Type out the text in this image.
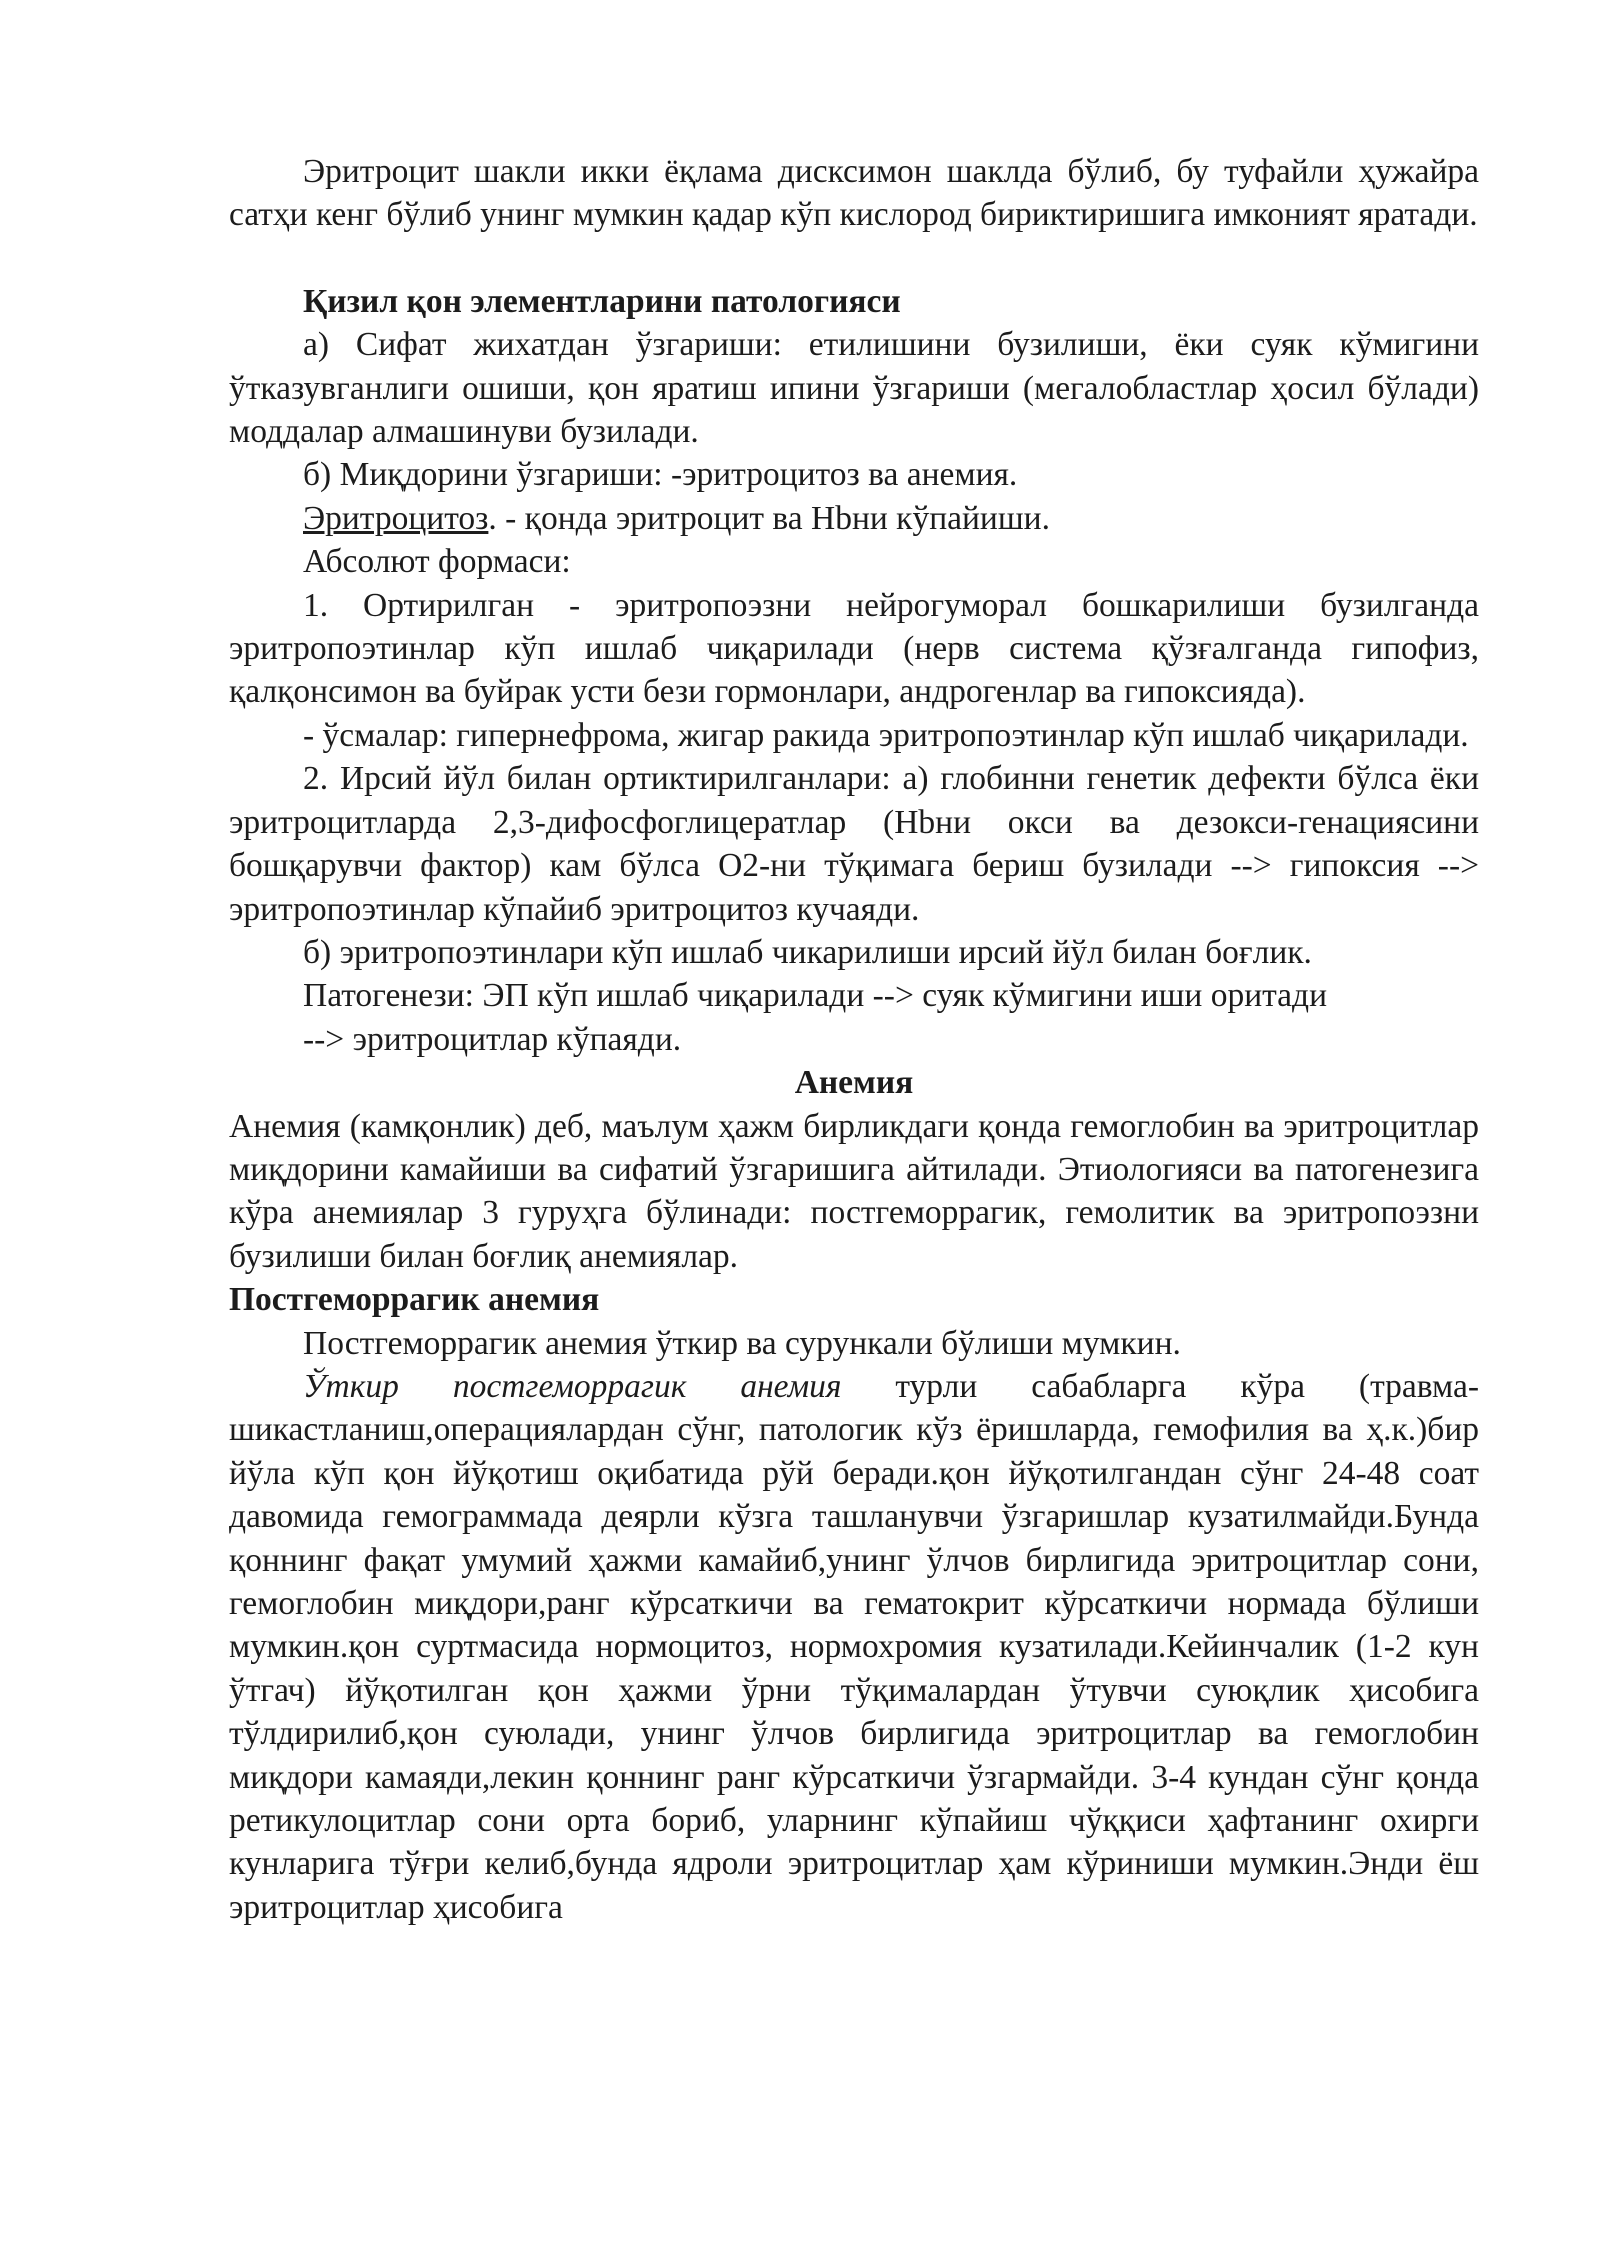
Эритроцит шакли икки ёқлама дисксимон шаклда бўлиб, бу туфайли ҳужайра сатҳи кенг бўлиб унинг мумкин қадар кўп кислород бириктиришига имконият яратади.

Қизил қон элементларини патологияси

а) Сифат жихатдан ўзгариши: етилишини бузилиши, ёки суяк кўмигини ўтказувганлиги ошиши, қон яратиш ипини ўзгариши (мегалобластлар ҳосил бўлади) моддалар алмашинуви бузилади.

б) Миқдорини ўзгариши: -эритроцитоз ва анемия.

Эритроцитоз. - қонда эритроцит ва Hbни кўпайиши.

Абсолют формаси:

1. Ортирилган - эритропоэзни нейрогуморал бошкарилиши бузилганда эритропоэтинлар кўп ишлаб чиқарилади (нерв система қўзғалганда гипофиз, қалқонсимон ва буйрак усти бези гормонлари, андрогенлар ва гипоксияда).

- ўсмалар: гипернефрома, жигар ракида эритропоэтинлар кўп ишлаб чиқарилади.

2. Ирсий йўл билан ортиктирилганлари: а) глобинни генетик дефекти бўлса ёки эритроцитларда 2,3-дифосфоглицератлар (Hbни окси ва дезокси-генациясини бошқарувчи фактор) кам бўлса О2-ни тўқимага бериш бузилади --> гипоксия --> эритропоэтинлар кўпайиб эритроцитоз кучаяди.

б) эритропоэтинлари кўп ишлаб чикарилиши ирсий йўл билан боғлик.

Патогенези: ЭП кўп ишлаб чиқарилади --> суяк кўмигини иши оритади

--> эритроцитлар кўпаяди.

Анемия

Анемия (камқонлик) деб, маълум ҳажм бирликдаги қонда гемоглобин ва эритроцитлар миқдорини камайиши ва сифатий ўзгаришига айтилади. Этиологияси ва патогенезига кўра анемиялар 3 гуруҳга бўлинади: постгеморрагик, гемолитик ва эритропоэзни бузилиши билан боғлиқ анемиялар.

Постгеморрагик анемия

Постгеморрагик анемия ўткир ва сурункали бўлиши мумкин.

Ўткир постгеморрагик анемия турли сабабларга кўра (травма-шикастланиш,операциялардан сўнг, патологик кўз ёришларда, гемофилия ва ҳ.к.)бир йўла кўп қон йўқотиш оқибатида рўй беради.қон йўқотилгандан сўнг 24-48 соат давомида гемограммада деярли кўзга ташланувчи ўзгаришлар кузатилмайди.Бунда қоннинг фақат умумий ҳажми камайиб,унинг ўлчов бирлигида эритроцитлар сони, гемоглобин миқдори,ранг кўрсаткичи ва гематокрит кўрсаткичи нормада бўлиши мумкин.қон суртмасида нормоцитоз, нормохромия кузатилади.Кейинчалик (1-2 кун ўтгач) йўқотилган қон ҳажми ўрни тўқималардан ўтувчи суюқлик ҳисобига тўлдирилиб,қон суюлади, унинг ўлчов бирлигида эритроцитлар ва гемоглобин миқдори камаяди,лекин қоннинг ранг кўрсаткичи ўзгармайди. 3-4 кундан сўнг қонда ретикулоцитлар сони орта бориб, уларнинг кўпайиш чўққиси ҳафтанинг охирги кунларига тўғри келиб,бунда ядроли эритроцитлар ҳам кўриниши мумкин.Энди ёш эритроцитлар ҳисобига
